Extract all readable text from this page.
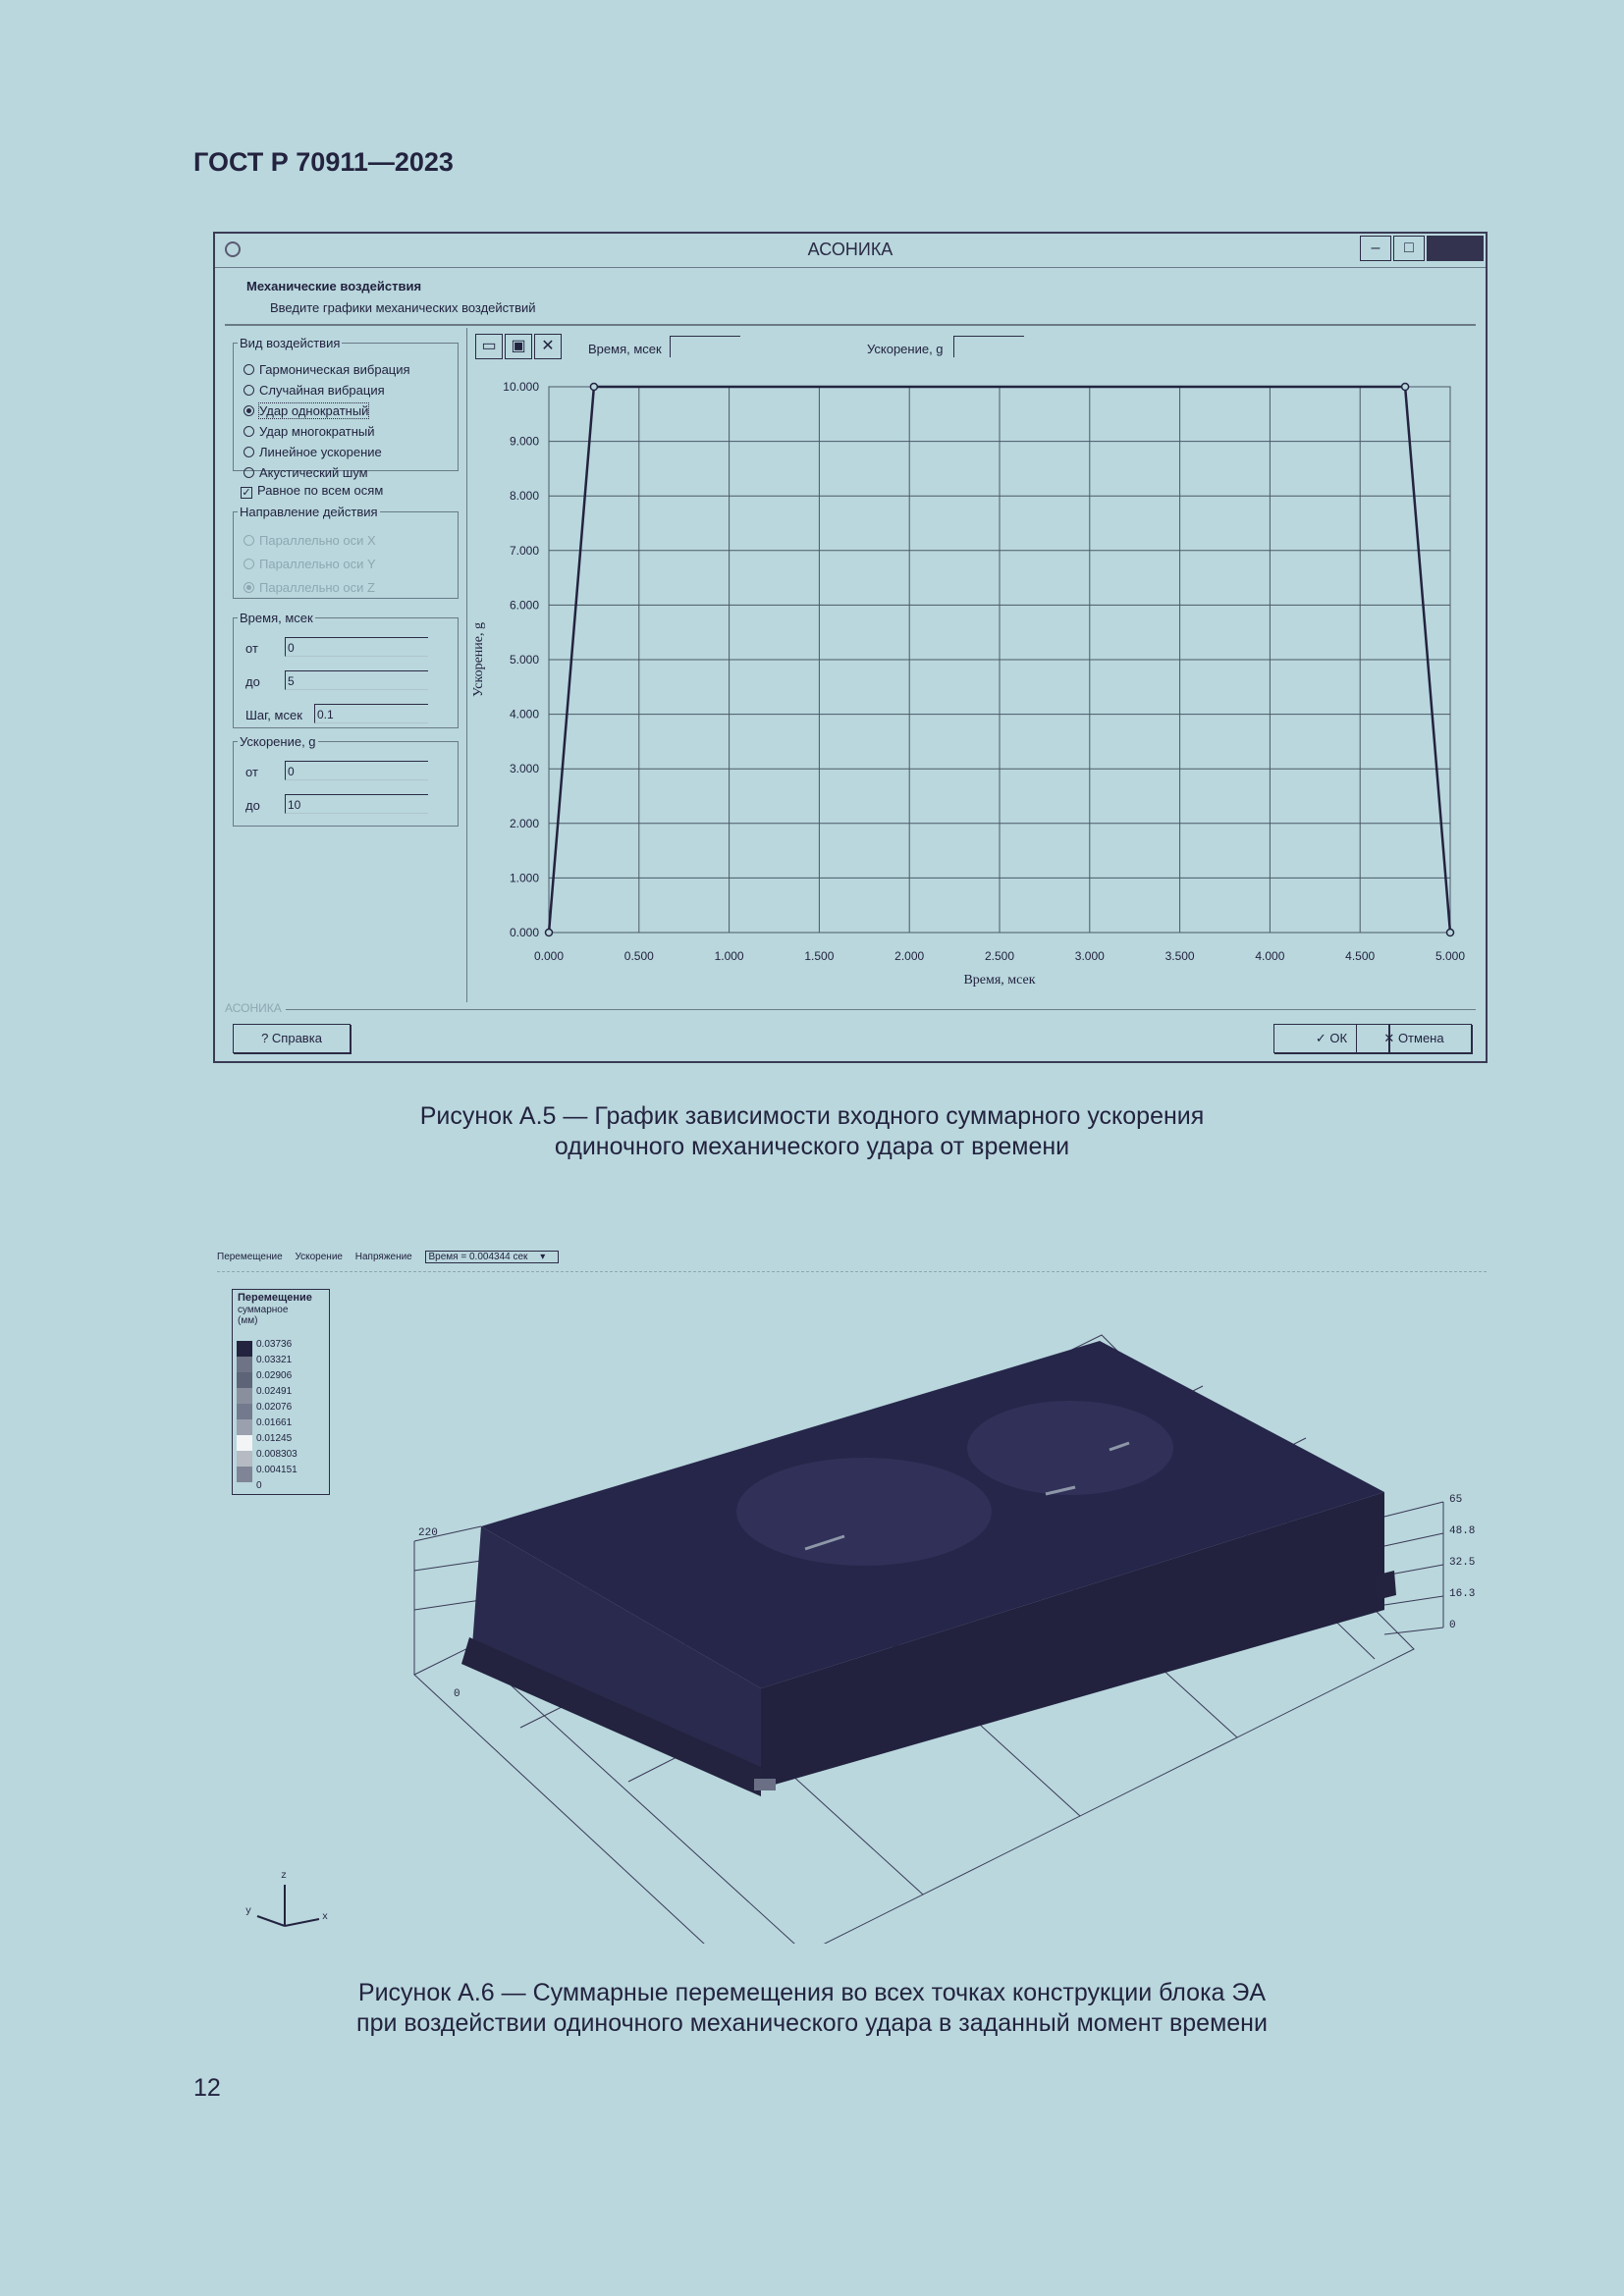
ГОСТ Р 70911—2023
АСОНИКА	–	□
Механические воздействия
Введите графики механических воздействий
Вид воздействия
Гармоническая вибрация
Случайная вибрация
Удар однократный
Удар многократный
Линейное ускорение
Акустический шум
✓ Равное по всем осям
Направление действия
Параллельно оси X
Параллельно оси Y
Параллельно оси Z
Время, мсек
от	0
до 5
Шаг, мсек 0.1
Ускорение, g
от	0
до 10
▭ ▣ ✕	Время, мсек	Ускорение, g
0.000	0.500	1.000	1.500	2.000	2.500	3.000	3.500	4.000	4.500	5.000
0.000
1.000
2.000
3.000
4.000
5.000
6.000
7.000
8.000
9.000
10.000
Время, мсек
Ускорение, g
АСОНИКА
? Справка	✓ ОК	✕ Отмена
Рисунок А.5 — График зависимости входного суммарного ускорения
одиночного механического удара от времени
Перемещение Ускорение Напряжение Время = 0.004344 сек ▾
Перемещение
суммарное
(мм)
0.03736
0.03321
0.02906
0.02491
0.02076
0.01661
0.01245
0.008303
0.004151
0
220
0
65
48.8
32.5
16.3
0
z
y
x
Рисунок А.6 — Суммарные перемещения во всех точках конструкции блока ЭА
при воздействии одиночного механического удара в заданный момент времени
12
